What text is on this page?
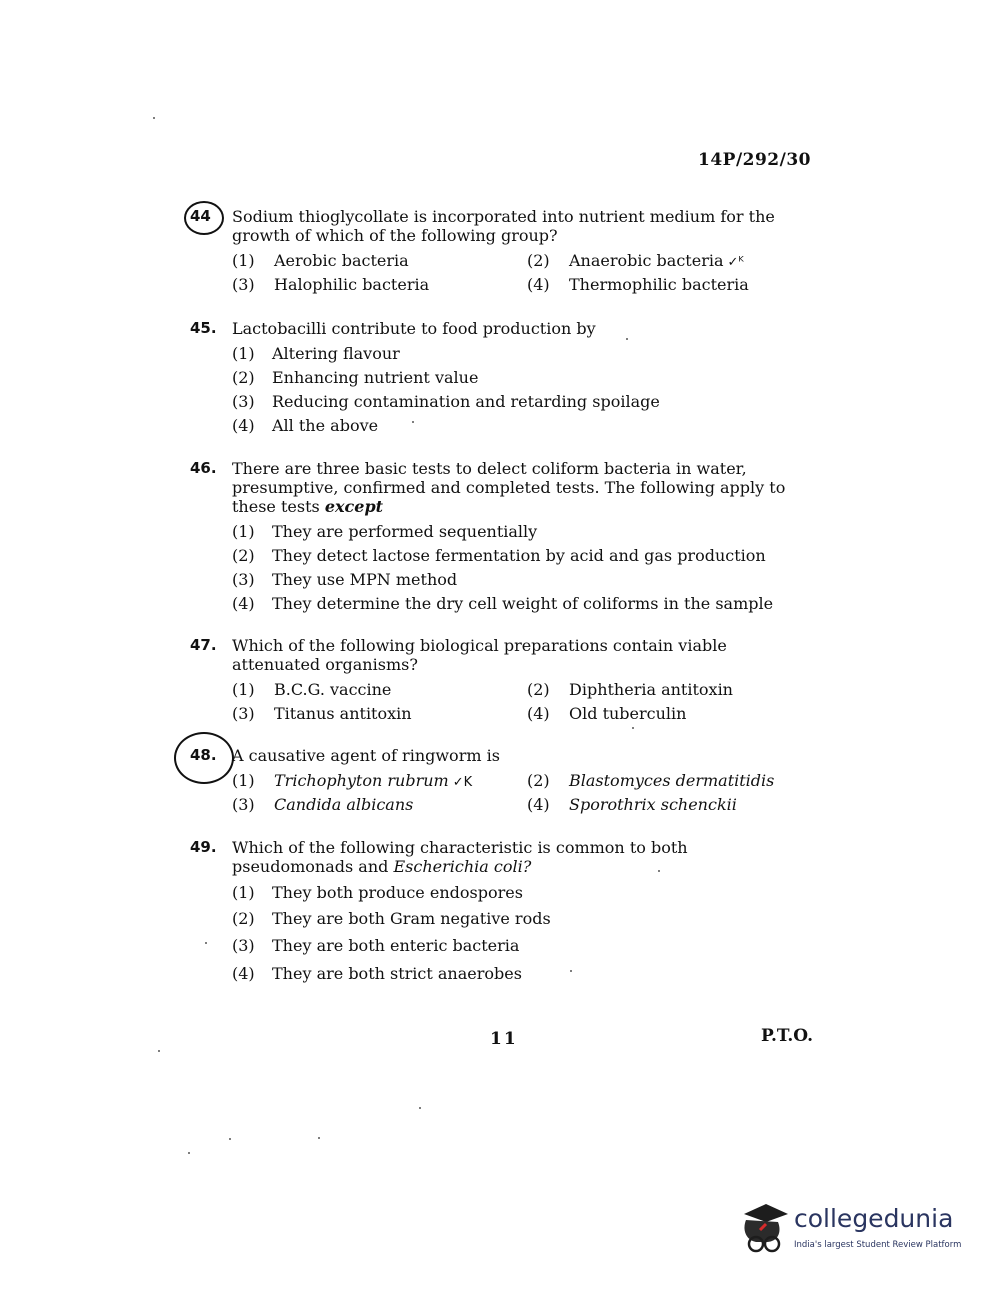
14P/292/30
44 Sodium thioglycollate is incorporated into nutrient medium for the growth of which of the following group?
(1) Aerobic bacteria	(2) Anaerobic bacteria ✓ᴷ
(3) Halophilic bacteria	(4) Thermophilic bacteria
45. Lactobacilli contribute to food production by
(1) Altering flavour
(2) Enhancing nutrient value
(3) Reducing contamination and retarding spoilage
(4) All the above
46. There are three basic tests to delect coliform bacteria in water, presumptive, confirmed and completed tests. The following apply to these tests except
(1) They are performed sequentially
(2) They detect lactose fermentation by acid and gas production
(3) They use MPN method
(4) They determine the dry cell weight of coliforms in the sample
47. Which of the following biological preparations contain viable attenuated organisms?
(1) B.C.G. vaccine	(2) Diphtheria antitoxin
(3) Titanus antitoxin	(4) Old tuberculin
48. A causative agent of ringworm is
(1) Trichophyton rubrum ✓K	(2) Blastomyces dermatitidis
(3) Candida albicans	(4) Sporothrix schenckii
49. Which of the following characteristic is common to both pseudomonads and Escherichia coli?
(1) They both produce endospores
(2) They are both Gram negative rods
(3) They are both enteric bacteria
(4) They are both strict anaerobes
11	P.T.O.
collegedunia
India's largest Student Review Platform
